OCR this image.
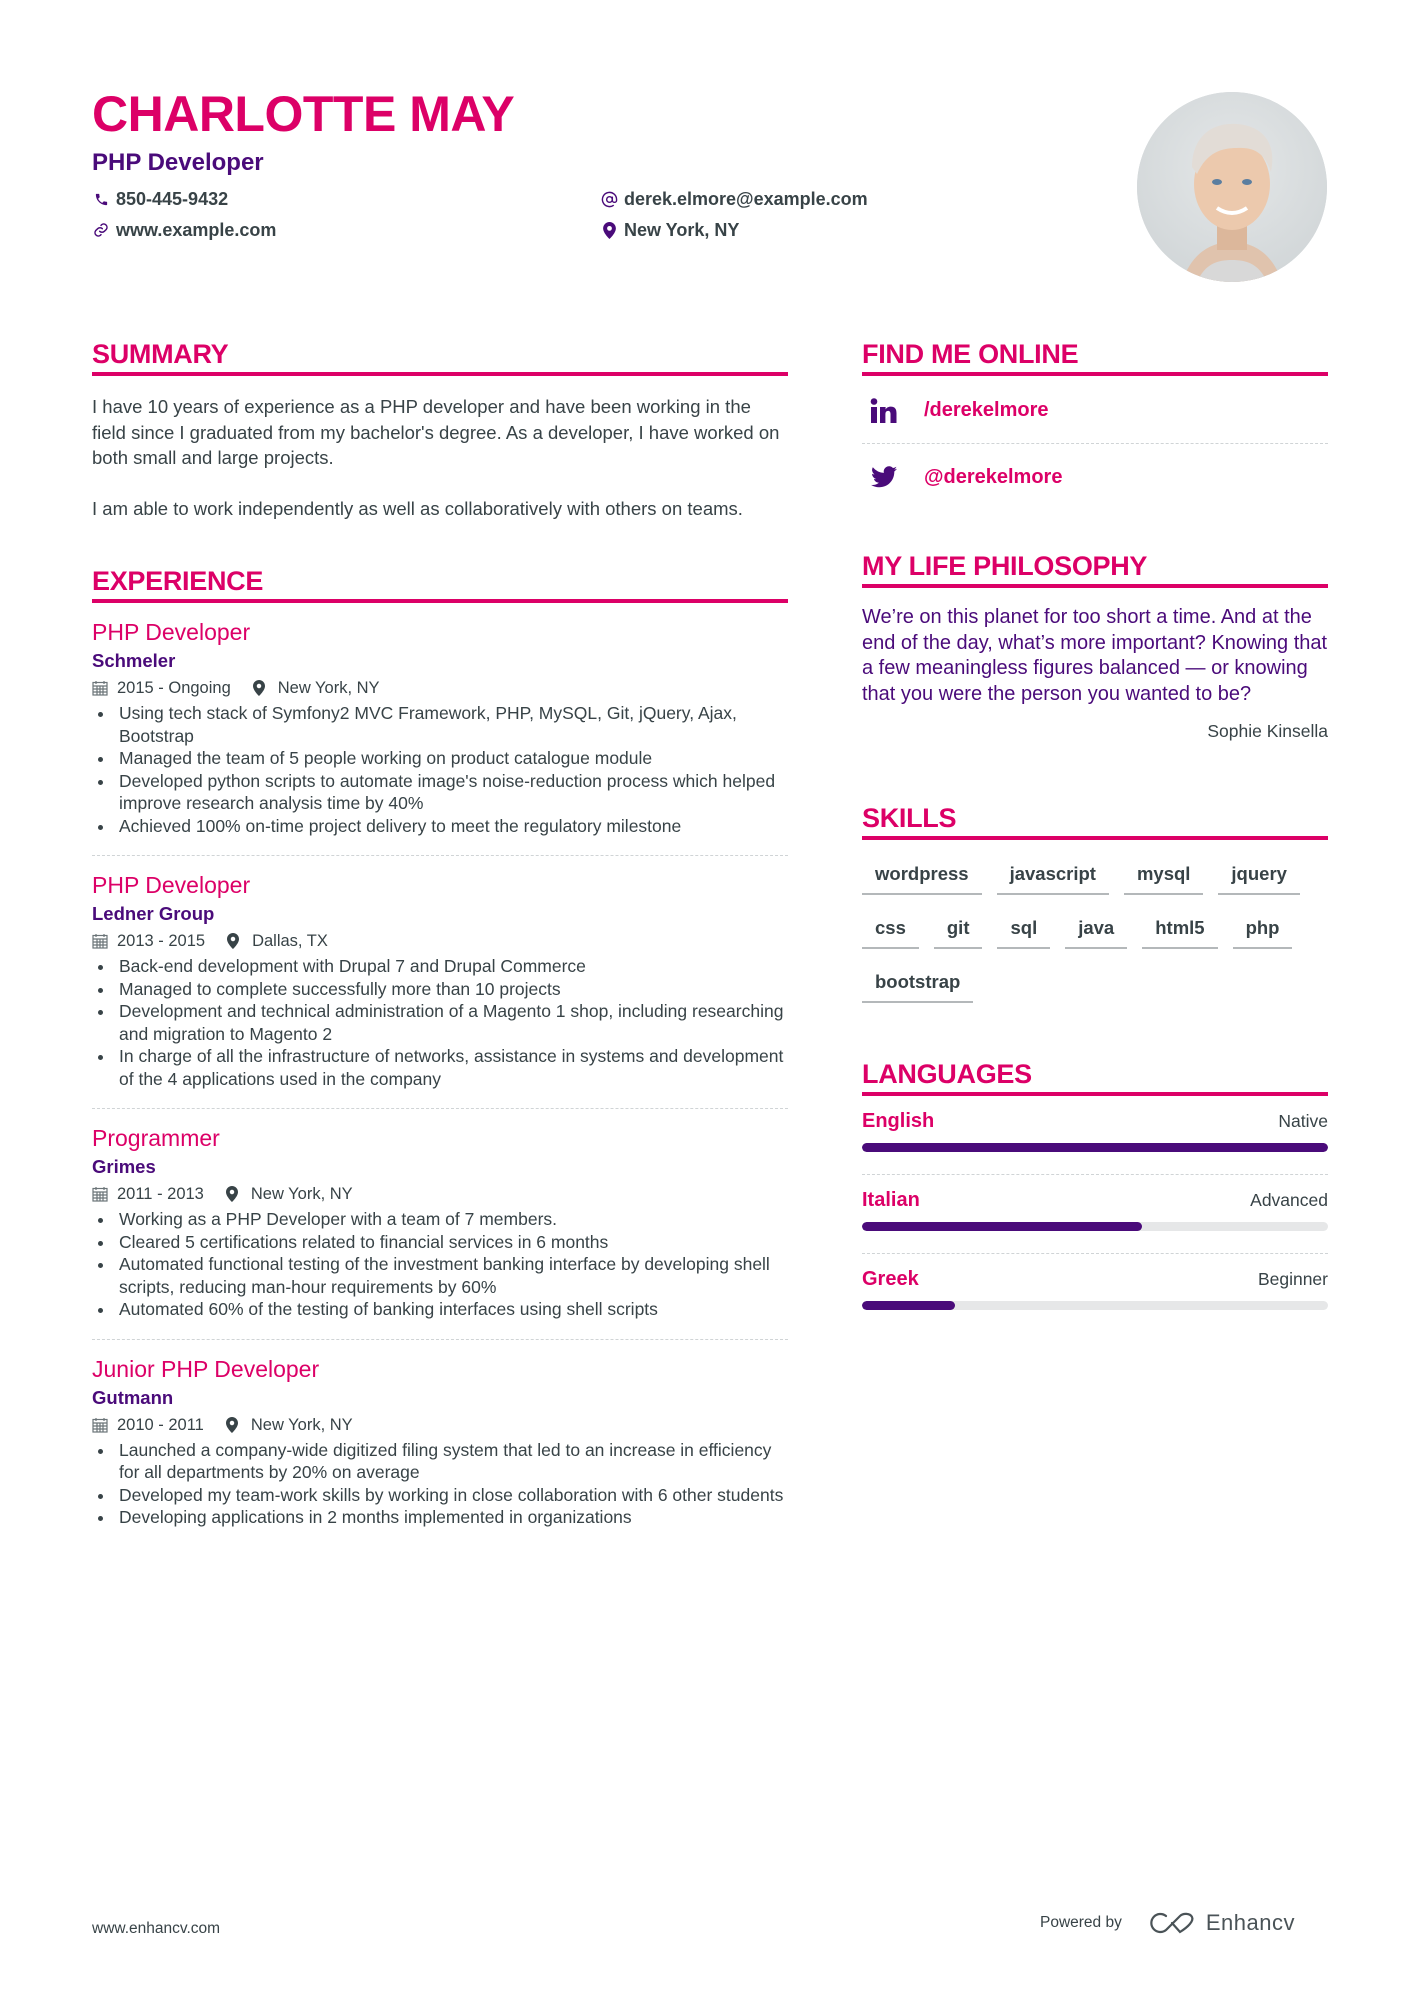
CHARLOTTE MAY
PHP Developer
850-445-9432
www.example.com
derek.elmore@example.com
New York, NY
SUMMARY

I have 10 years of experience as a PHP developer and have been working in the field since I graduated from my bachelor's degree. As a developer, I have worked on both small and large projects.

I am able to work independently as well as collaboratively with others on teams.

EXPERIENCE
PHP Developer
Schmeler
2015 - Ongoing	New York, NY
Using tech stack of Symfony2 MVC Framework, PHP, MySQL, Git, jQuery, Ajax, Bootstrap
Managed the team of 5 people working on product catalogue module
Developed python scripts to automate image's noise-reduction process which helped improve research analysis time by 40%
Achieved 100% on-time project delivery to meet the regulatory milestone
PHP Developer
Ledner Group
2013 - 2015	Dallas, TX
Back-end development with Drupal 7 and Drupal Commerce
Managed to complete successfully more than 10 projects
Development and technical administration of a Magento 1 shop, including researching and migration to Magento 2
In charge of all the infrastructure of networks, assistance in systems and development of the 4 applications used in the company
Programmer
Grimes
2011 - 2013	New York, NY
Working as a PHP Developer with a team of 7 members.
Cleared 5 certifications related to financial services in 6 months
Automated functional testing of the investment banking interface by developing shell scripts, reducing man-hour requirements by 60%
Automated 60% of the testing of banking interfaces using shell scripts
Junior PHP Developer
Gutmann
2010 - 2011	New York, NY
Launched a company-wide digitized filing system that led to an increase in efficiency for all departments by 20% on average
Developed my team-work skills by working in close collaboration with 6 other students
Developing applications in 2 months implemented in organizations
FIND ME ONLINE
/derekelmore
@derekelmore
MY LIFE PHILOSOPHY
We’re on this planet for too short a time. And at the end of the day, what’s more important? Knowing that a few meaningless figures balanced — or knowing that you were the person you wanted to be?
Sophie Kinsella
SKILLS
wordpress	javascript	mysql	jquery
css	git	sql	java	html5	php
bootstrap
LANGUAGES
English	Native
Italian	Advanced
Greek	Beginner
www.enhancv.com	Powered by	Enhancv
